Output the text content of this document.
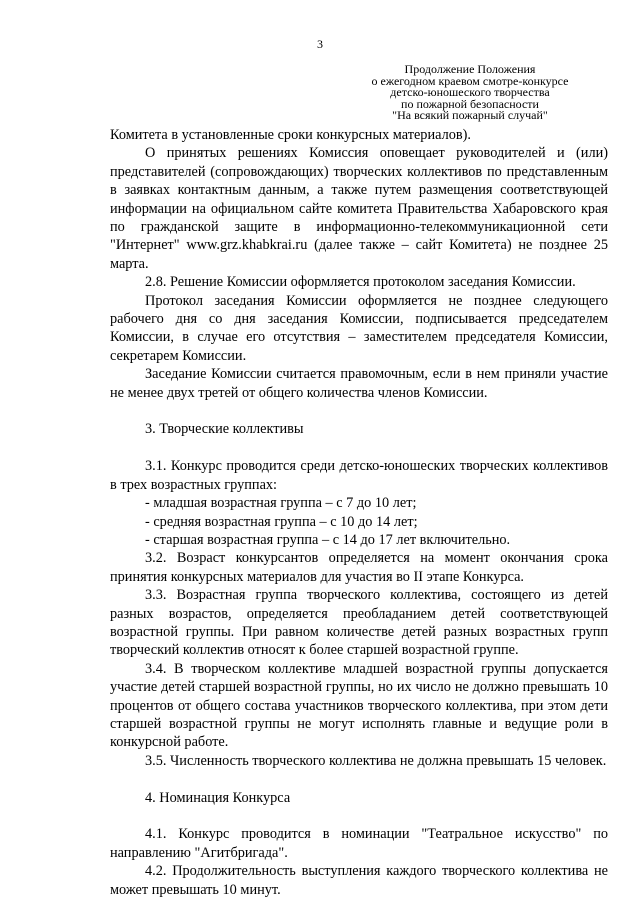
3
Продолжение Положения
о ежегодном краевом смотре-конкурсе
детско-юношеского творчества
по пожарной безопасности
"На всякий пожарный случай"

Комитета в установленные сроки конкурсных материалов).

О принятых решениях Комиссия оповещает руководителей и (или) представителей (сопровождающих) творческих коллективов по представленным в заявках контактным данным, а также путем размещения соответствующей информации на официальном сайте комитета Правительства Хабаровского края по гражданской защите в информационно-телекоммуникационной сети "Интернет" www.grz.khabkrai.ru (далее также – сайт Комитета) не позднее 25 марта.

2.8. Решение Комиссии оформляется протоколом заседания Комиссии.

Протокол заседания Комиссии оформляется не позднее следующего рабочего дня со дня заседания Комиссии, подписывается председателем Комиссии, в случае его отсутствия – заместителем председателя Комиссии, секретарем Комиссии.

Заседание Комиссии считается правомочным, если в нем приняли участие не менее двух третей от общего количества членов Комиссии.

3. Творческие коллективы

3.1. Конкурс проводится среди детско-юношеских творческих коллективов в трех возрастных группах:

- младшая возрастная группа – с 7 до 10 лет;

- средняя возрастная группа – с 10 до 14 лет;

- старшая возрастная группа – с 14 до 17 лет включительно.

3.2. Возраст конкурсантов определяется на момент окончания срока принятия конкурсных материалов для участия во II этапе Конкурса.

3.3. Возрастная группа творческого коллектива, состоящего из детей разных возрастов, определяется преобладанием детей соответствующей возрастной группы. При равном количестве детей разных возрастных групп творческий коллектив относят к более старшей возрастной группе.

3.4. В творческом коллективе младшей возрастной группы допускается участие детей старшей возрастной группы, но их число не должно превышать 10 процентов от общего состава участников творческого коллектива, при этом дети старшей возрастной группы не могут исполнять главные и ведущие роли в конкурсной работе.

3.5. Численность творческого коллектива не должна превышать 15 человек.

4. Номинация Конкурса

4.1. Конкурс проводится в номинации "Театральное искусство" по направлению "Агитбригада".

4.2. Продолжительность выступления каждого творческого коллектива не может превышать 10 минут.
